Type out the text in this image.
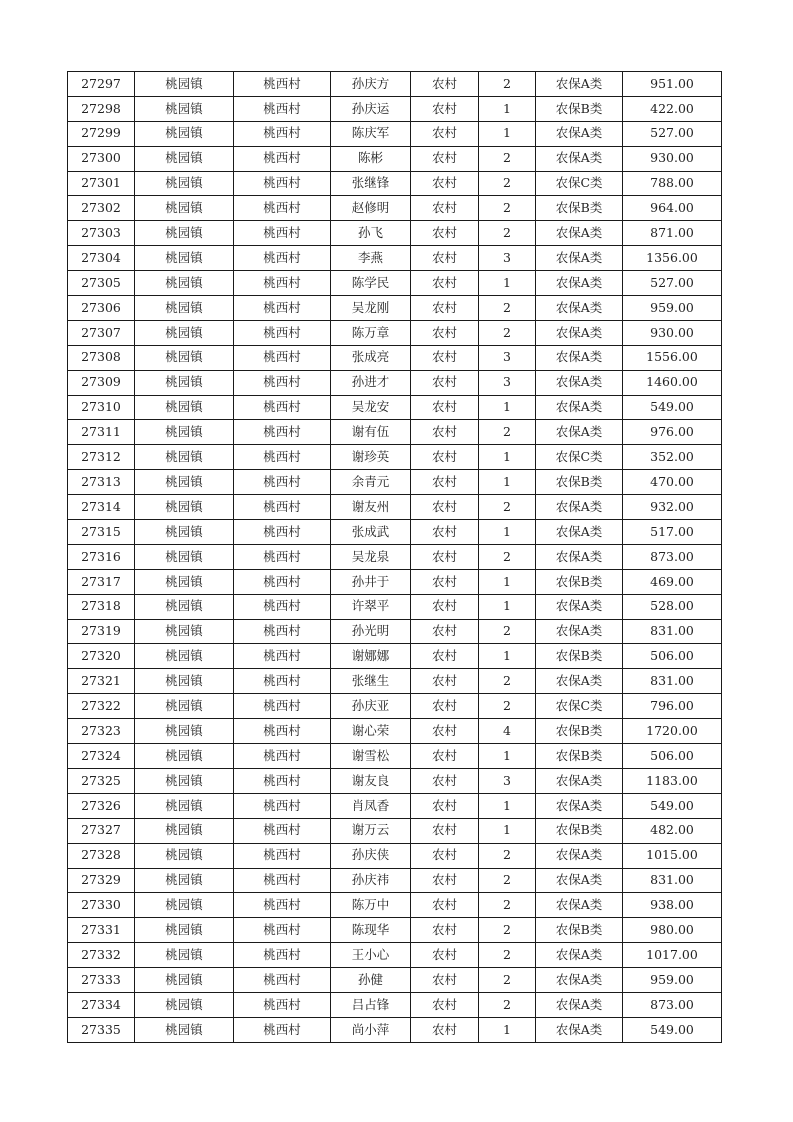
27297	桃园镇	桃西村	孙庆方	农村	2	农保A类	951.00
27298	桃园镇	桃西村	孙庆运	农村	1	农保B类	422.00
27299	桃园镇	桃西村	陈庆军	农村	1	农保A类	527.00
27300	桃园镇	桃西村	陈彬	农村	2	农保A类	930.00
27301	桃园镇	桃西村	张继锋	农村	2	农保C类	788.00
27302	桃园镇	桃西村	赵修明	农村	2	农保B类	964.00
27303	桃园镇	桃西村	孙飞	农村	2	农保A类	871.00
27304	桃园镇	桃西村	李燕	农村	3	农保A类	1356.00
27305	桃园镇	桃西村	陈学民	农村	1	农保A类	527.00
27306	桃园镇	桃西村	吴龙刚	农村	2	农保A类	959.00
27307	桃园镇	桃西村	陈万章	农村	2	农保A类	930.00
27308	桃园镇	桃西村	张成亮	农村	3	农保A类	1556.00
27309	桃园镇	桃西村	孙进才	农村	3	农保A类	1460.00
27310	桃园镇	桃西村	吴龙安	农村	1	农保A类	549.00
27311	桃园镇	桃西村	谢有伍	农村	2	农保A类	976.00
27312	桃园镇	桃西村	谢珍英	农村	1	农保C类	352.00
27313	桃园镇	桃西村	余青元	农村	1	农保B类	470.00
27314	桃园镇	桃西村	谢友州	农村	2	农保A类	932.00
27315	桃园镇	桃西村	张成武	农村	1	农保A类	517.00
27316	桃园镇	桃西村	吴龙泉	农村	2	农保A类	873.00
27317	桃园镇	桃西村	孙井于	农村	1	农保B类	469.00
27318	桃园镇	桃西村	许翠平	农村	1	农保A类	528.00
27319	桃园镇	桃西村	孙光明	农村	2	农保A类	831.00
27320	桃园镇	桃西村	谢娜娜	农村	1	农保B类	506.00
27321	桃园镇	桃西村	张继生	农村	2	农保A类	831.00
27322	桃园镇	桃西村	孙庆亚	农村	2	农保C类	796.00
27323	桃园镇	桃西村	谢心荣	农村	4	农保B类	1720.00
27324	桃园镇	桃西村	谢雪松	农村	1	农保B类	506.00
27325	桃园镇	桃西村	谢友良	农村	3	农保A类	1183.00
27326	桃园镇	桃西村	肖凤香	农村	1	农保A类	549.00
27327	桃园镇	桃西村	谢万云	农村	1	农保B类	482.00
27328	桃园镇	桃西村	孙庆侠	农村	2	农保A类	1015.00
27329	桃园镇	桃西村	孙庆祎	农村	2	农保A类	831.00
27330	桃园镇	桃西村	陈万中	农村	2	农保A类	938.00
27331	桃园镇	桃西村	陈现华	农村	2	农保B类	980.00
27332	桃园镇	桃西村	王小心	农村	2	农保A类	1017.00
27333	桃园镇	桃西村	孙健	农村	2	农保A类	959.00
27334	桃园镇	桃西村	吕占锋	农村	2	农保A类	873.00
27335	桃园镇	桃西村	尚小萍	农村	1	农保A类	549.00
